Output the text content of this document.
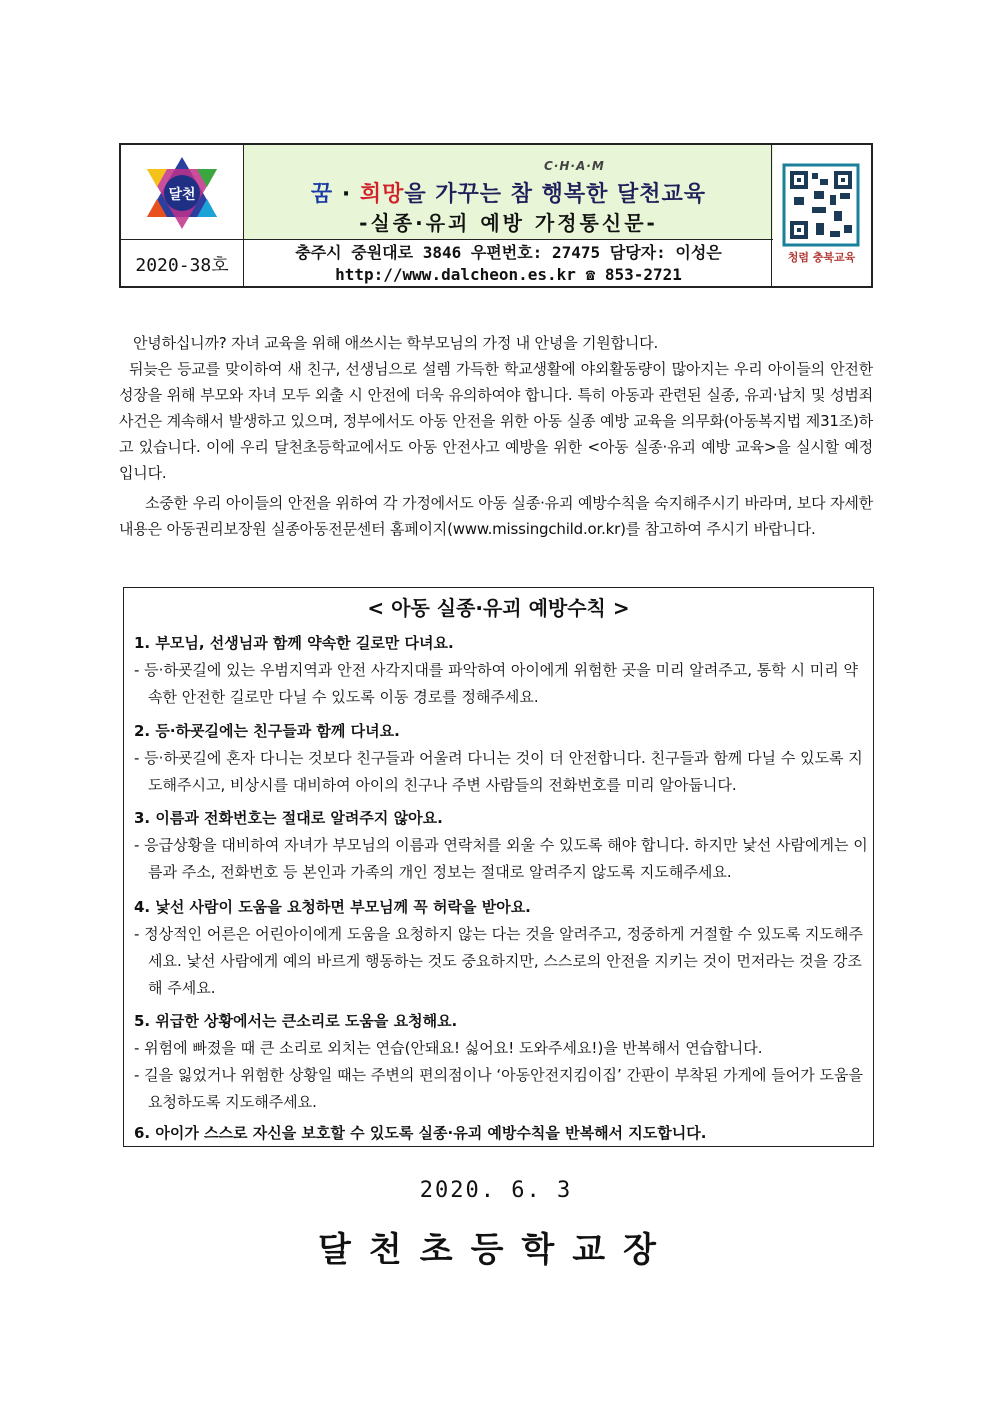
달천
C·H·A·M
꿈 · 희망을 가꾸는 참 행복한 달천교육
-실종·유괴 예방 가정통신문-
청렴 충북교육
2020-38호
충주시 중원대로 3846 우편번호: 27475 담당자: 이성은
http://www.dalcheon.es.kr ☎ 853-2721
안녕하십니까? 자녀 교육을 위해 애쓰시는 학부모님의 가정 내 안녕을 기원합니다.
뒤늦은 등교를 맞이하여 새 친구, 선생님으로 설렘 가득한 학교생활에 야외활동량이 많아지는 우리 아이들의 안전한 성장을 위해 부모와 자녀 모두 외출 시 안전에 더욱 유의하여야 합니다. 특히 아동과 관련된 실종, 유괴·납치 및 성범죄 사건은 계속해서 발생하고 있으며, 정부에서도 아동 안전을 위한 아동 실종 예방 교육을 의무화(아동복지법 제31조)하고 있습니다. 이에 우리 달천초등학교에서도 아동 안전사고 예방을 위한 <아동 실종·유괴 예방 교육>을 실시할 예정입니다.
소중한 우리 아이들의 안전을 위하여 각 가정에서도 아동 실종·유괴 예방수칙을 숙지해주시기 바라며, 보다 자세한 내용은 아동권리보장원 실종아동전문센터 홈페이지(www.missingchild.or.kr)를 참고하여 주시기 바랍니다.
< 아동 실종·유괴 예방수칙 >
1. 부모님, 선생님과 함께 약속한 길로만 다녀요.
- 등·하굣길에 있는 우범지역과 안전 사각지대를 파악하여 아이에게 위험한 곳을 미리 알려주고, 통학 시 미리 약속한 안전한 길로만 다닐 수 있도록 이동 경로를 정해주세요.
2. 등·하굣길에는 친구들과 함께 다녀요.
- 등·하굣길에 혼자 다니는 것보다 친구들과 어울려 다니는 것이 더 안전합니다. 친구들과 함께 다닐 수 있도록 지도해주시고, 비상시를 대비하여 아이의 친구나 주변 사람들의 전화번호를 미리 알아둡니다.
3. 이름과 전화번호는 절대로 알려주지 않아요.
- 응급상황을 대비하여 자녀가 부모님의 이름과 연락처를 외울 수 있도록 해야 합니다. 하지만 낯선 사람에게는 이름과 주소, 전화번호 등 본인과 가족의 개인 정보는 절대로 알려주지 않도록 지도해주세요.
4. 낯선 사람이 도움을 요청하면 부모님께 꼭 허락을 받아요.
- 정상적인 어른은 어린아이에게 도움을 요청하지 않는 다는 것을 알려주고, 정중하게 거절할 수 있도록 지도해주세요. 낯선 사람에게 예의 바르게 행동하는 것도 중요하지만, 스스로의 안전을 지키는 것이 먼저라는 것을 강조해 주세요.
5. 위급한 상황에서는 큰소리로 도움을 요청해요.
- 위험에 빠졌을 때 큰 소리로 외치는 연습(안돼요! 싫어요! 도와주세요!)을 반복해서 연습합니다.
- 길을 잃었거나 위험한 상황일 때는 주변의 편의점이나 ‘아동안전지킴이집’ 간판이 부착된 가게에 들어가 도움을 요청하도록 지도해주세요.
6. 아이가 스스로 자신을 보호할 수 있도록 실종·유괴 예방수칙을 반복해서 지도합니다.
2020. 6. 3
달천초등학교장
